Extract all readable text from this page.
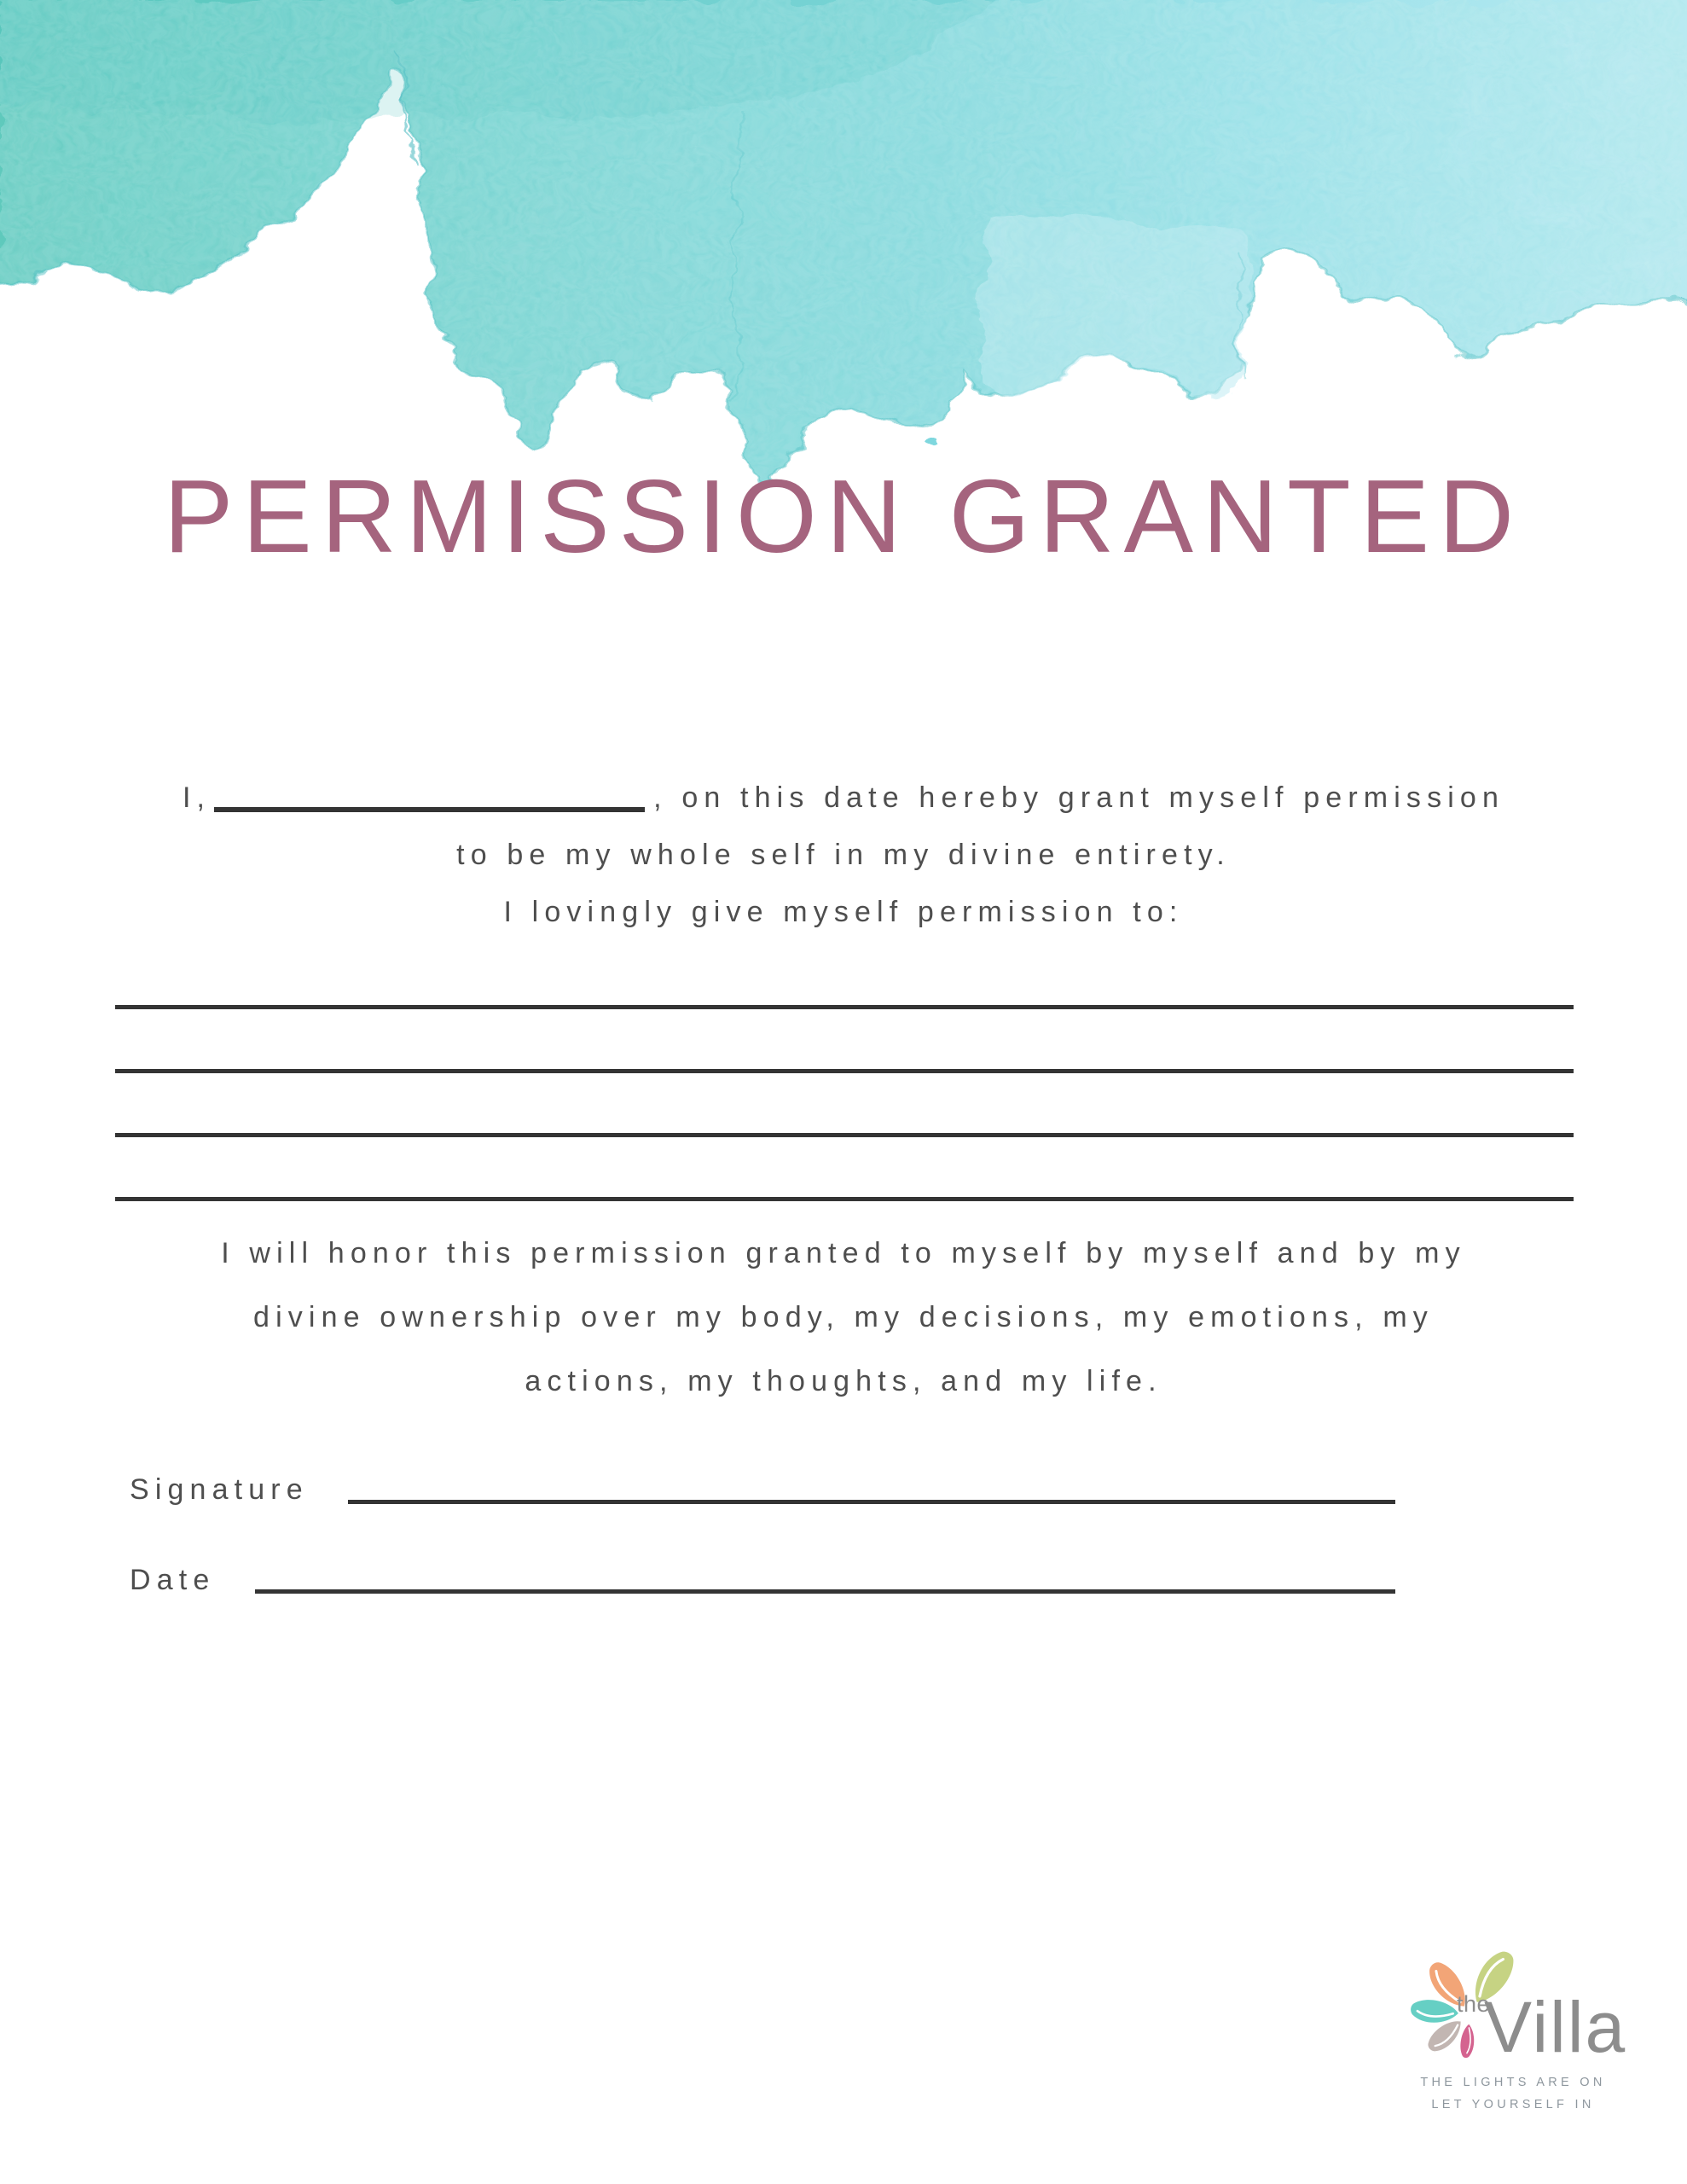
PERMISSION GRANTED
I,	, on this date hereby grant myself permission
to be my whole self in my divine entirety.
I lovingly give myself permission to:
I will honor this permission granted to myself by myself and by my
divine ownership over my body, my decisions, my emotions, my
actions, my thoughts, and my life.
Signature
Date
the
Villa
THE LIGHTS ARE ON
LET YOURSELF IN
